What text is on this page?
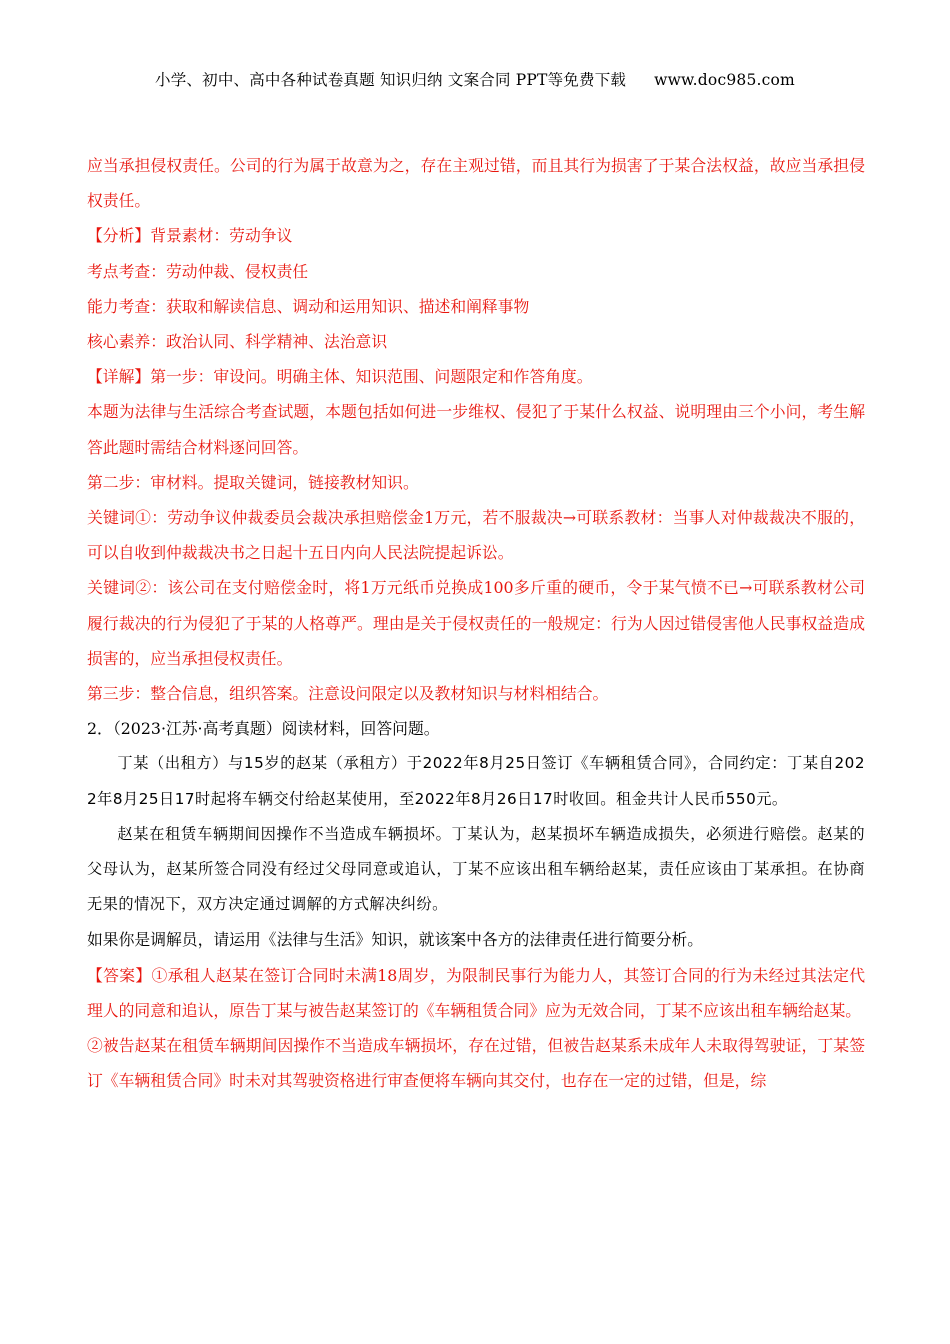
小学、初中、高中各种试卷真题 知识归纳 文案合同 PPT等免费下载 www.doc985.com

应当承担侵权责任。公司的行为属于故意为之，存在主观过错，而且其行为损害了于某合法权益，故应当承担侵权责任。

【分析】背景素材：劳动争议

考点考查：劳动仲裁、侵权责任

能力考查：获取和解读信息、调动和运用知识、描述和阐释事物

核心素养：政治认同、科学精神、法治意识

【详解】第一步：审设问。明确主体、知识范围、问题限定和作答角度。

本题为法律与生活综合考查试题，本题包括如何进一步维权、侵犯了于某什么权益、说明理由三个小问，考生解答此题时需结合材料逐问回答。

第二步：审材料。提取关键词，链接教材知识。

关键词①：劳动争议仲裁委员会裁决承担赔偿金1万元，若不服裁决→可联系教材：当事人对仲裁裁决不服的，可以自收到仲裁裁决书之日起十五日内向人民法院提起诉讼。

关键词②：该公司在支付赔偿金时，将1万元纸币兑换成100多斤重的硬币，令于某气愤不已→可联系教材公司履行裁决的行为侵犯了于某的人格尊严。理由是关于侵权责任的一般规定：行为人因过错侵害他人民事权益造成损害的，应当承担侵权责任。

第三步：整合信息，组织答案。注意设问限定以及教材知识与材料相结合。

2．（2023·江苏·高考真题）阅读材料，回答问题。

丁某（出租方）与15岁的赵某（承租方）于2022年8月25日签订《车辆租赁合同》，合同约定：丁某自2022年8月25日17时起将车辆交付给赵某使用，至2022年8月26日17时收回。租金共计人民币550元。

赵某在租赁车辆期间因操作不当造成车辆损坏。丁某认为，赵某损坏车辆造成损失，必须进行赔偿。赵某的父母认为，赵某所签合同没有经过父母同意或追认，丁某不应该出租车辆给赵某，责任应该由丁某承担。在协商无果的情况下，双方决定通过调解的方式解决纠纷。

如果你是调解员，请运用《法律与生活》知识，就该案中各方的法律责任进行简要分析。

【答案】①承租人赵某在签订合同时未满18周岁，为限制民事行为能力人，其签订合同的行为未经过其法定代理人的同意和追认，原告丁某与被告赵某签订的《车辆租赁合同》应为无效合同，丁某不应该出租车辆给赵某。

②被告赵某在租赁车辆期间因操作不当造成车辆损坏，存在过错，但被告赵某系未成年人未取得驾驶证，丁某签订《车辆租赁合同》时未对其驾驶资格进行审查便将车辆向其交付，也存在一定的过错，但是，综
